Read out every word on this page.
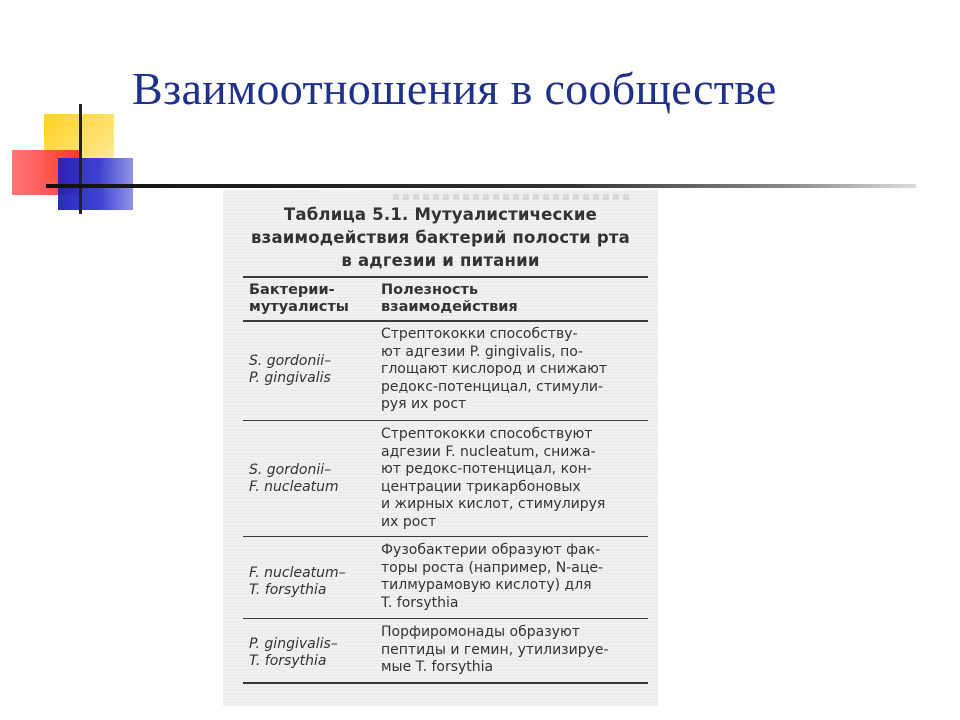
Взаимоотношения в сообществе
Таблица 5.1. Мутуалистические
взаимодействия бактерий полости рта
в адгезии и питании
Бактерии-
мутуалисты
Полезность
взаимодействия
S. gordonii–
P. gingivalis
Стрептококки способству-
ют адгезии P. gingivalis, по-
глощают кислород и снижают
редокс-потенцицал, стимули-
руя их рост
S. gordonii–
F. nucleatum
Стрептококки способствуют
адгезии F. nucleatum, снижа-
ют редокс-потенцицал, кон-
центрации трикарбоновых
и жирных кислот, стимулируя
их рост
F. nucleatum–
T. forsythia
Фузобактерии образуют фак-
торы роста (например, N-аце-
тилмурамовую кислоту) для
T. forsythia
P. gingivalis–
T. forsythia
Порфиромонады образуют
пептиды и гемин, утилизируе-
мые T. forsythia
